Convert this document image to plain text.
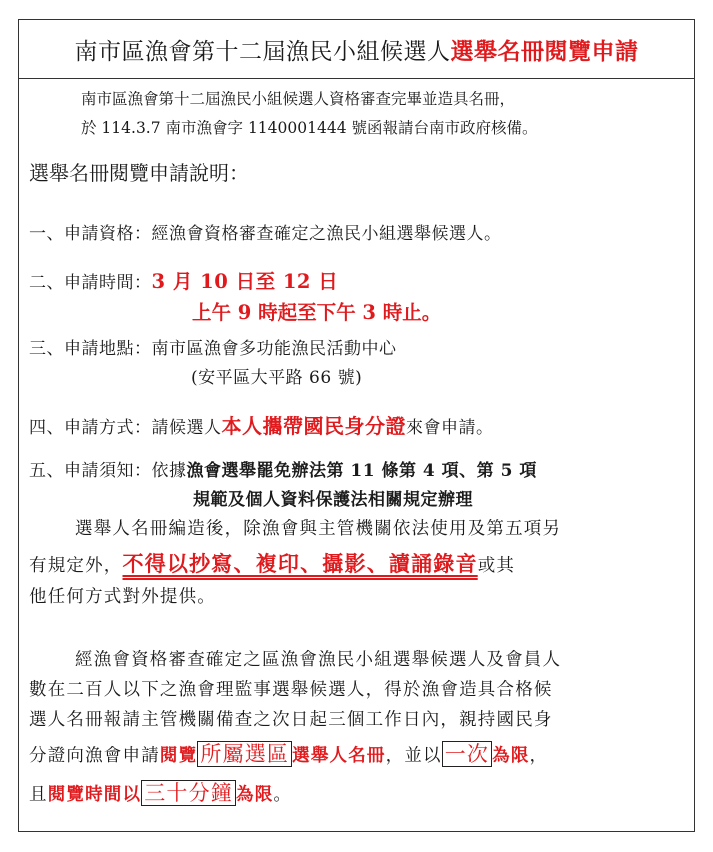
南市區漁會第十二屆漁民小組候選人 選舉名冊閱覽申請
南市區漁會第十二屆漁民小組候選人資格審查完畢並造具名冊，
於 114.3.7 南市漁會字 1140001444 號函報請台南市政府核備。
選舉名冊閱覽申請說明：
一、申請資格：經漁會資格審查確定之漁民小組選舉候選人。
二、申請時間：3 月 10 日至 12 日
上午 9 時起至下午 3 時止。
三、申請地點：南市區漁會多功能漁民活動中心
(安平區大平路 66 號)
四、申請方式：請候選人本人攜帶國民身分證來會申請。
五、申請須知：依據漁會選舉罷免辦法第 11 條第 4 項、第 5 項
規範及個人資料保護法相關規定辦理
選舉人名冊編造後，除漁會與主管機關依法使用及第五項另
有規定外，不得以抄寫、複印、攝影、讀誦錄音或其
他任何方式對外提供。
經漁會資格審查確定之區漁會漁民小組選舉候選人及會員人
數在二百人以下之漁會理監事選舉候選人，得於漁會造具合格候
選人名冊報請主管機關備查之次日起三個工作日內，親持國民身
分證向漁會申請閱覽 所屬選區 選舉人名冊，並以 一次 為限，
且閱覽時間以 三十分鐘 為限。
